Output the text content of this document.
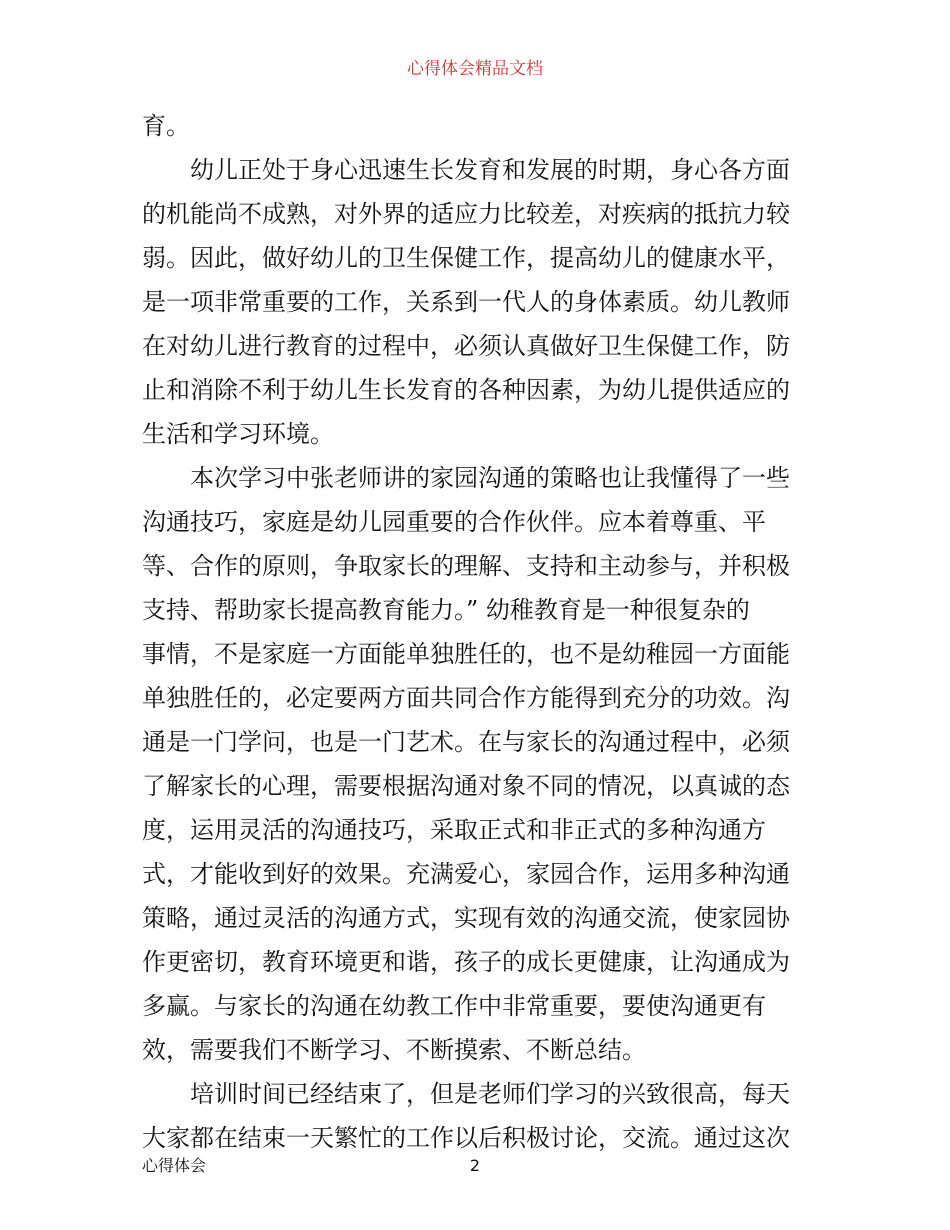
心得体会精品文档
育。
幼儿正处于身心迅速生长发育和发展的时期，身心各方面
的机能尚不成熟，对外界的适应力比较差，对疾病的抵抗力较
弱。因此，做好幼儿的卫生保健工作，提高幼儿的健康水平，
是一项非常重要的工作，关系到一代人的身体素质。幼儿教师
在对幼儿进行教育的过程中，必须认真做好卫生保健工作，防
止和消除不利于幼儿生长发育的各种因素，为幼儿提供适应的
生活和学习环境。
本次学习中张老师讲的家园沟通的策略也让我懂得了一些
沟通技巧，家庭是幼儿园重要的合作伙伴。应本着尊重、平
等、合作的原则，争取家长的理解、支持和主动参与，并积极
支持、帮助家长提高教育能力。” 幼稚教育是一种很复杂的
事情，不是家庭一方面能单独胜任的，也不是幼稚园一方面能
单独胜任的，必定要两方面共同合作方能得到充分的功效。沟
通是一门学问，也是一门艺术。在与家长的沟通过程中，必须
了解家长的心理，需要根据沟通对象不同的情况，以真诚的态
度，运用灵活的沟通技巧，采取正式和非正式的多种沟通方
式，才能收到好的效果。充满爱心，家园合作，运用多种沟通
策略，通过灵活的沟通方式，实现有效的沟通交流，使家园协
作更密切，教育环境更和谐，孩子的成长更健康，让沟通成为
多赢。与家长的沟通在幼教工作中非常重要，要使沟通更有
效，需要我们不断学习、不断摸索、不断总结。
培训时间已经结束了，但是老师们学习的兴致很高，每天
大家都在结束一天繁忙的工作以后积极讨论，交流。通过这次
心得体会	2
